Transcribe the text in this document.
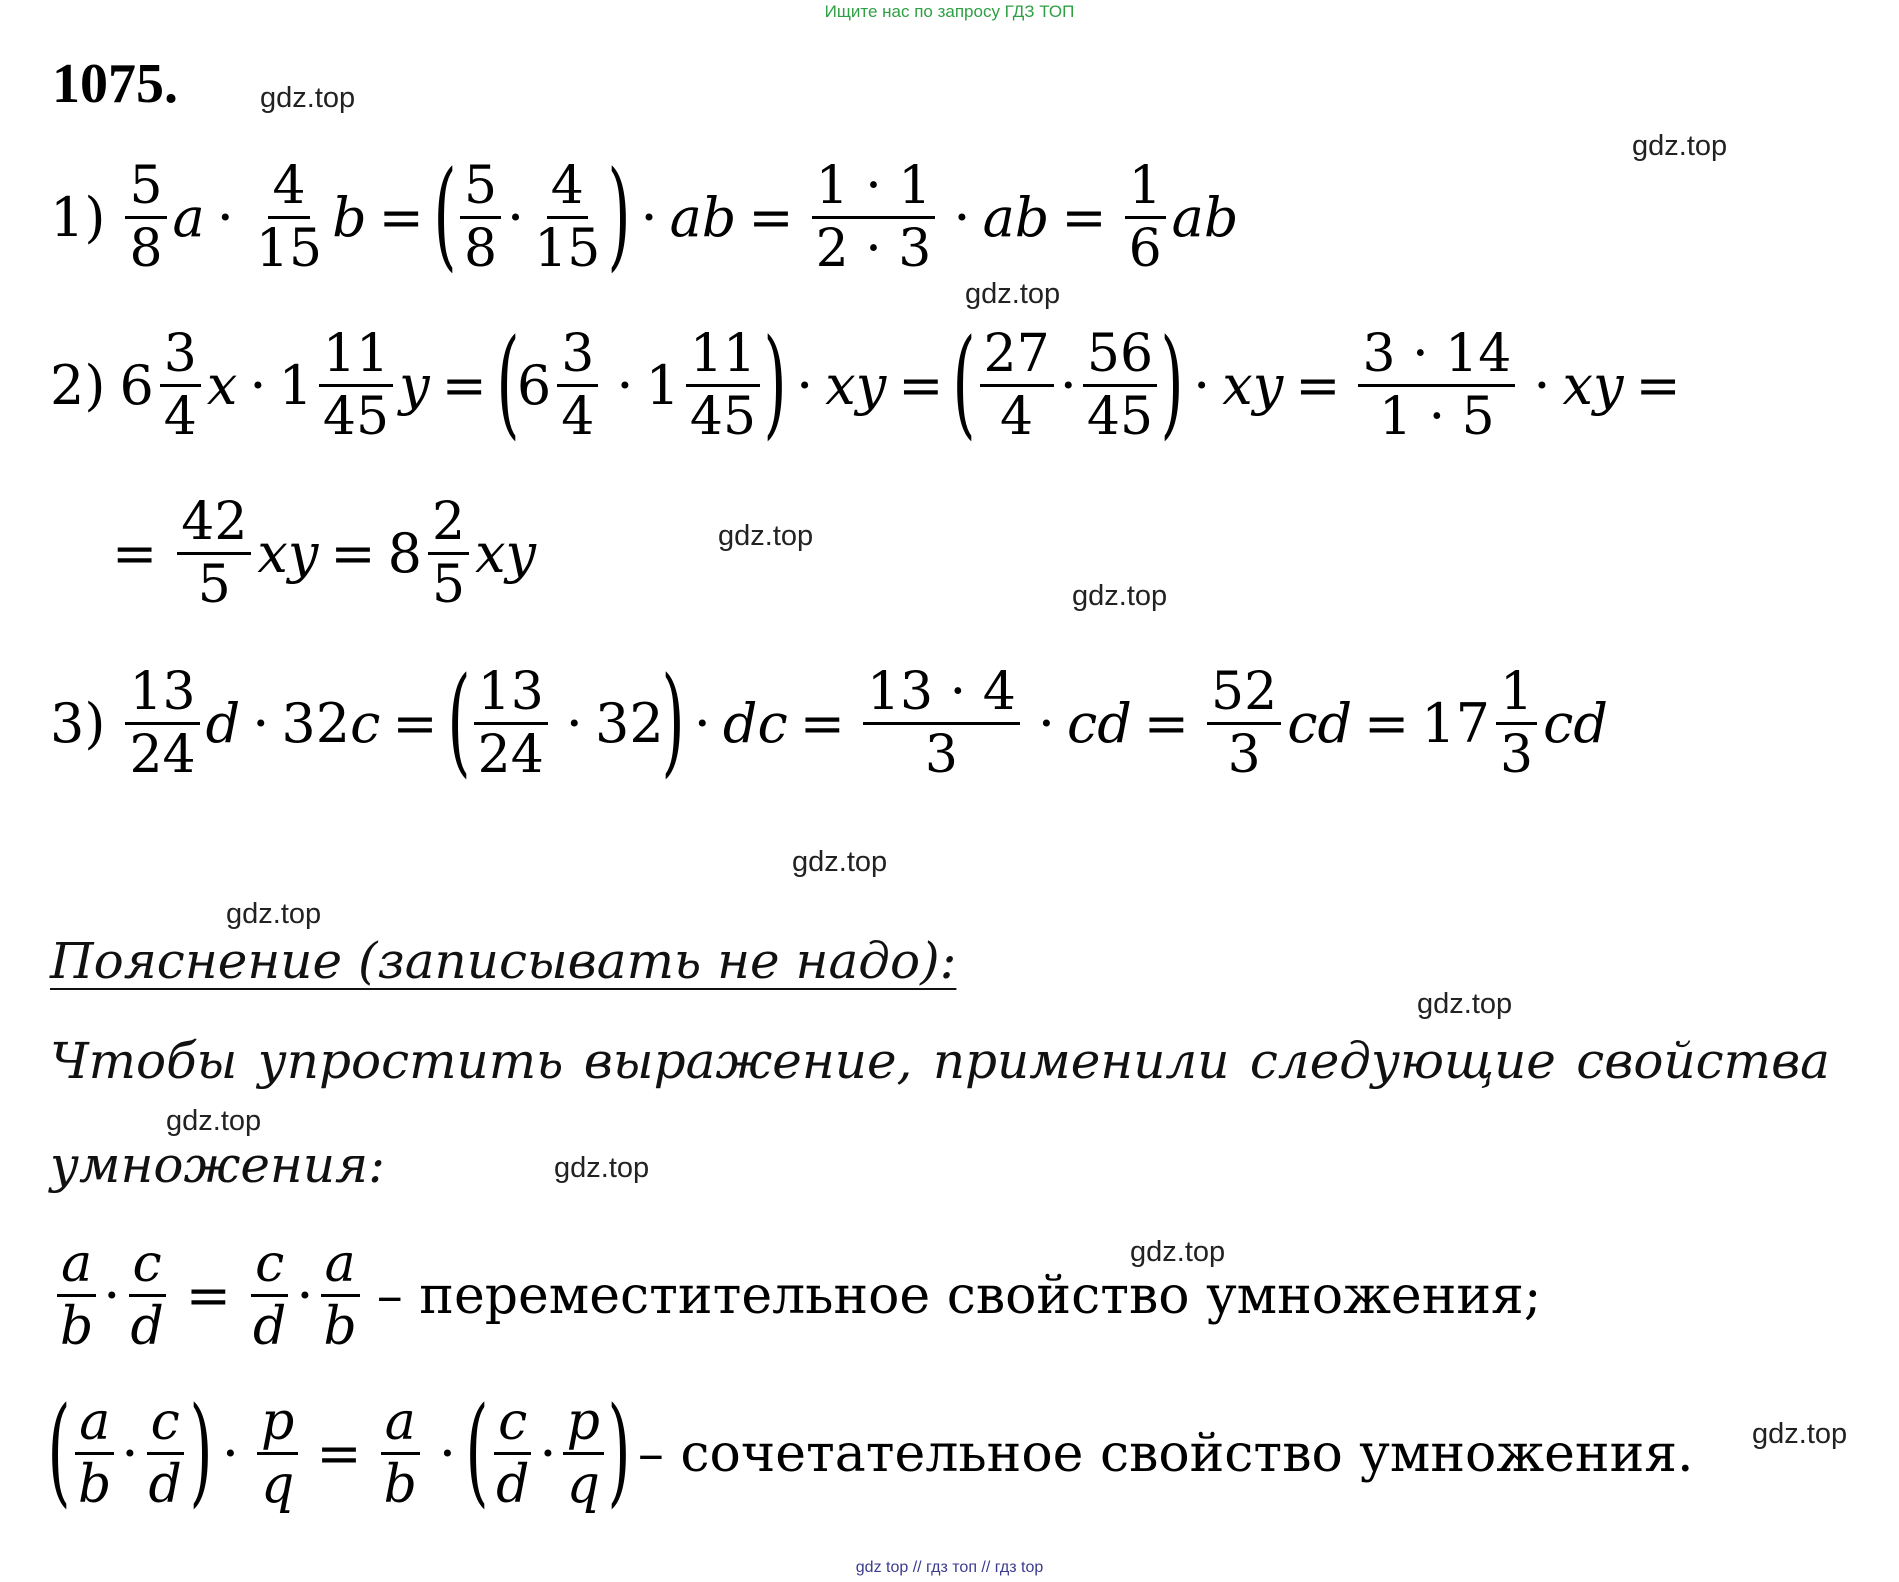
Ищите нас по запросу ГДЗ ТОП
1075.	gdz.top
gdz.top
gdz.top
gdz.top
gdz.top
gdz.top
gdz.top
gdz.top
gdz.top
gdz.top
gdz.top
gdz.top
$1) \frac{5}{8}$ $a \cdot \frac{4}{15}$ b = ( $\frac{5}{8} \cdot \frac{4}{15}$ ) · ab = $\frac{1 \cdot 1}{2 \cdot 3}$ · ab = $\frac{1}{6}$ ab
2) $6 \frac{3}{4}$ $x \cdot 1 \frac{11}{45}$ y = (
$6 \frac{3}{4} \cdot 1 \frac{11}{45}$ ) · xy = ( $\frac{27}{4} \cdot \frac{56}{45}$ ) · xy = $\frac{3 \cdot 14}{1 \cdot 5}$ · xy =
= $\frac{42}{5}$ xy = $8 \frac{2}{5}$ xy
$3) \frac{13}{24}$ d · 32 c = ( $\frac{13}{24} \cdot 32$
) · dc = $\frac{13 \cdot 4}{3}$ · cd = $\frac{52}{3}$ cd = $17 \frac{1}{3}$ cd
Пояснение (записывать не надо):
Чтобы упростить выражение, применили следующие свойства
умножения:
$\frac{a}{b} \cdot \frac{c}{d} = \frac{c}{d} \cdot \frac{a}{b}$ – переместительное свойство умножения;
( $\frac{a}{b} \cdot \frac{c}{d}$ ) · $\frac{p}{q} = \frac{a}{b}$ · ( $\frac{c}{d} \cdot \frac{p}{q}$ ) – сочетательное свойство умножения.
gdz top // гдз топ // гдз top
